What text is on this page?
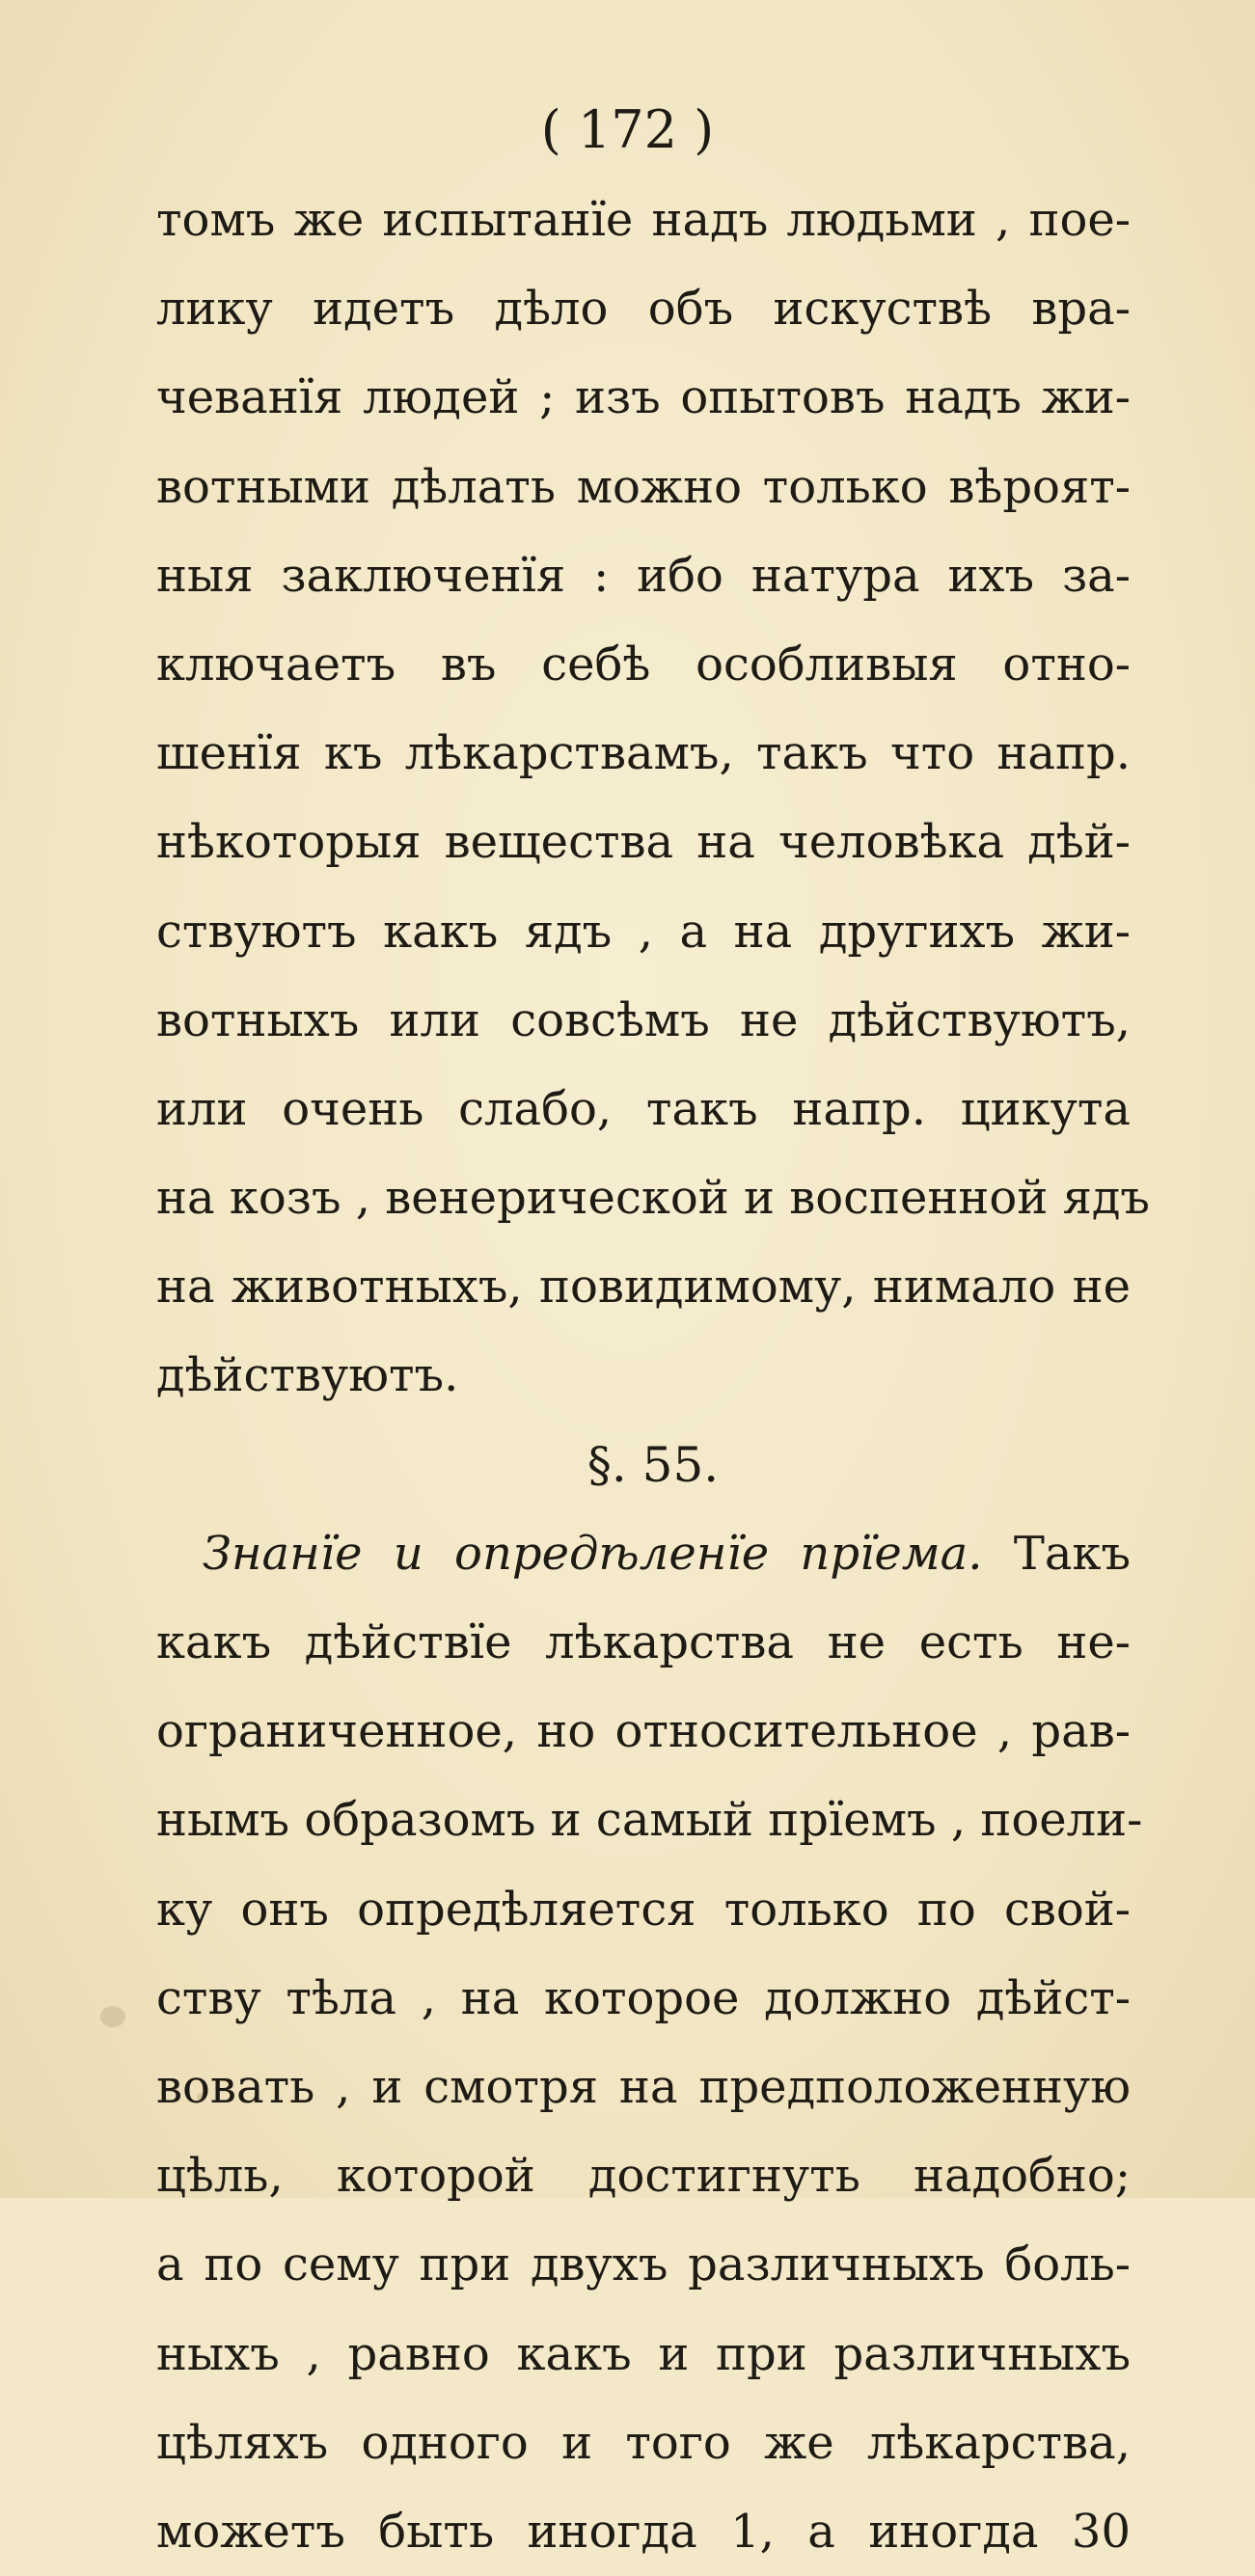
( 172 )
томъ же испытанїе надъ людьми , пое-
лику идетъ дѣло объ искуствѣ вра-
чеванїя людей ; изъ опытовъ надъ жи-
вотными дѣлать можно только вѣроят-
ныя заключенїя : ибо натура ихъ за-
ключаетъ въ себѣ особливыя отно-
шенїя къ лѣкарствамъ, такъ что напр.
нѣкоторыя вещества на человѣка дѣй-
ствуютъ какъ ядъ , а на другихъ жи-
вотныхъ или совсѣмъ не дѣйствуютъ,
или очень слабо, такъ напр. цикута
на козъ , венерической и воспенной ядъ
на животныхъ, повидимому, нимало не
дѣйствуютъ.
§. 55.
Знанїе и опредѣленїе прїема. Такъ
какъ дѣйствїе лѣкарства не есть не-
ограниченное, но относительное , рав-
нымъ образомъ и самый прїемъ , поели-
ку онъ опредѣляется только по свой-
ству тѣла , на которое должно дѣйст-
вовать , и смотря на предположенную
цѣль, которой достигнуть надобно;
а по сему при двухъ различныхъ боль-
ныхъ , равно какъ и при различныхъ
цѣляхъ одного и того же лѣкарства,
можетъ быть иногда 1, а иногда 30
